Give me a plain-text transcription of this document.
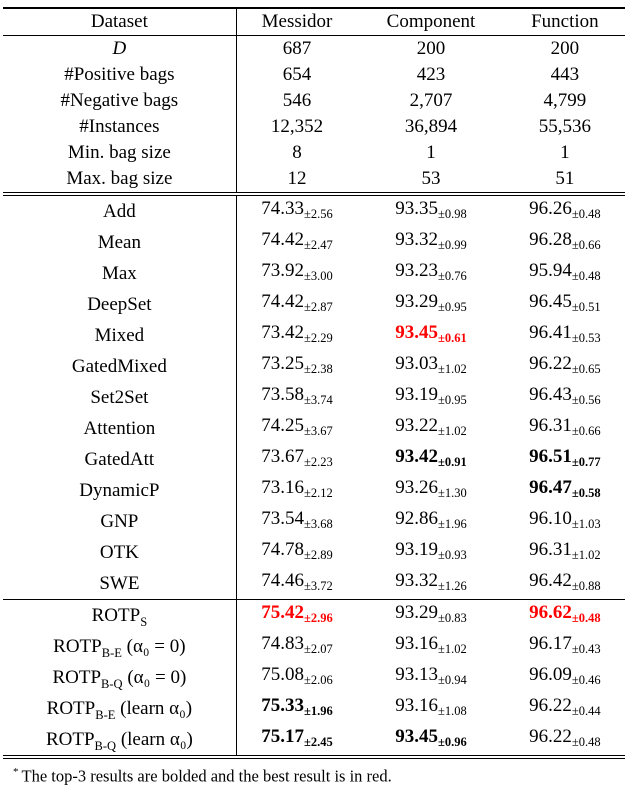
Dataset	Messidor	Component	Function
D	687	200	200
#Positive bags	654	423	443
#Negative bags	546	2,707	4,799
#Instances	12,352	36,894	55,536
Min. bag size	8	1	1
Max. bag size	12	53	51
Add	$74.33_{\pm 2.56}$	$93.35_{\pm 0.98}$	$96.26_{\pm 0.48}$
Mean	$74.42_{\pm 2.47}$	$93.32_{\pm 0.99}$	$96.28_{\pm 0.66}$
Max	$73.92_{\pm 3.00}$	$93.23_{\pm 0.76}$	$95.94_{\pm 0.48}$
DeepSet	$74.42_{\pm 2.87}$	$93.29_{\pm 0.95}$	$96.45_{\pm 0.51}$
Mixed	$73.42_{\pm 2.29}$	$93.45_{\pm 0.61}$	$96.41_{\pm 0.53}$
GatedMixed	$73.25_{\pm 2.38}$	$93.03_{\pm 1.02}$	$96.22_{\pm 0.65}$
Set2Set	$73.58_{\pm 3.74}$	$93.19_{\pm 0.95}$	$96.43_{\pm 0.56}$
Attention	$74.25_{\pm 3.67}$	$93.22_{\pm 1.02}$	$96.31_{\pm 0.66}$
GatedAtt	$73.67_{\pm 2.23}$	$93.42_{\pm 0.91}$	$96.51_{\pm 0.77}$
DynamicP	$73.16_{\pm 2.12}$	$93.26_{\pm 1.30}$	$96.47_{\pm 0.58}$
GNP	$73.54_{\pm 3.68}$	$92.86_{\pm 1.96}$	$96.10_{\pm 1.03}$
OTK	$74.78_{\pm 2.89}$	$93.19_{\pm 0.93}$	$96.31_{\pm 1.02}$
SWE	$74.46_{\pm 3.72}$	$93.32_{\pm 1.26}$	$96.42_{\pm 0.88}$
$ROTP_S$	$75.42_{\pm 2.96}$	$93.29_{\pm 0.83}$	$96.62_{\pm 0.48}$
$ROTP_{B-E}$ (α₀ = 0)	$74.83_{\pm 2.07}$	$93.16_{\pm 1.02}$	$96.17_{\pm 0.43}$
$ROTP_{B-Q}$ (α₀ = 0)	$75.08_{\pm 2.06}$	$93.13_{\pm 0.94}$	$96.09_{\pm 0.46}$
$ROTP_{B-E}$ (learn α₀)	$75.33_{\pm 1.96}$	$93.16_{\pm 1.08}$	$96.22_{\pm 0.44}$
$ROTP_{B-Q}$ (learn α₀)	$75.17_{\pm 2.45}$	$93.45_{\pm 0.96}$	$96.22_{\pm 0.48}$
* The top-3 results are bolded and the best result is in red.
